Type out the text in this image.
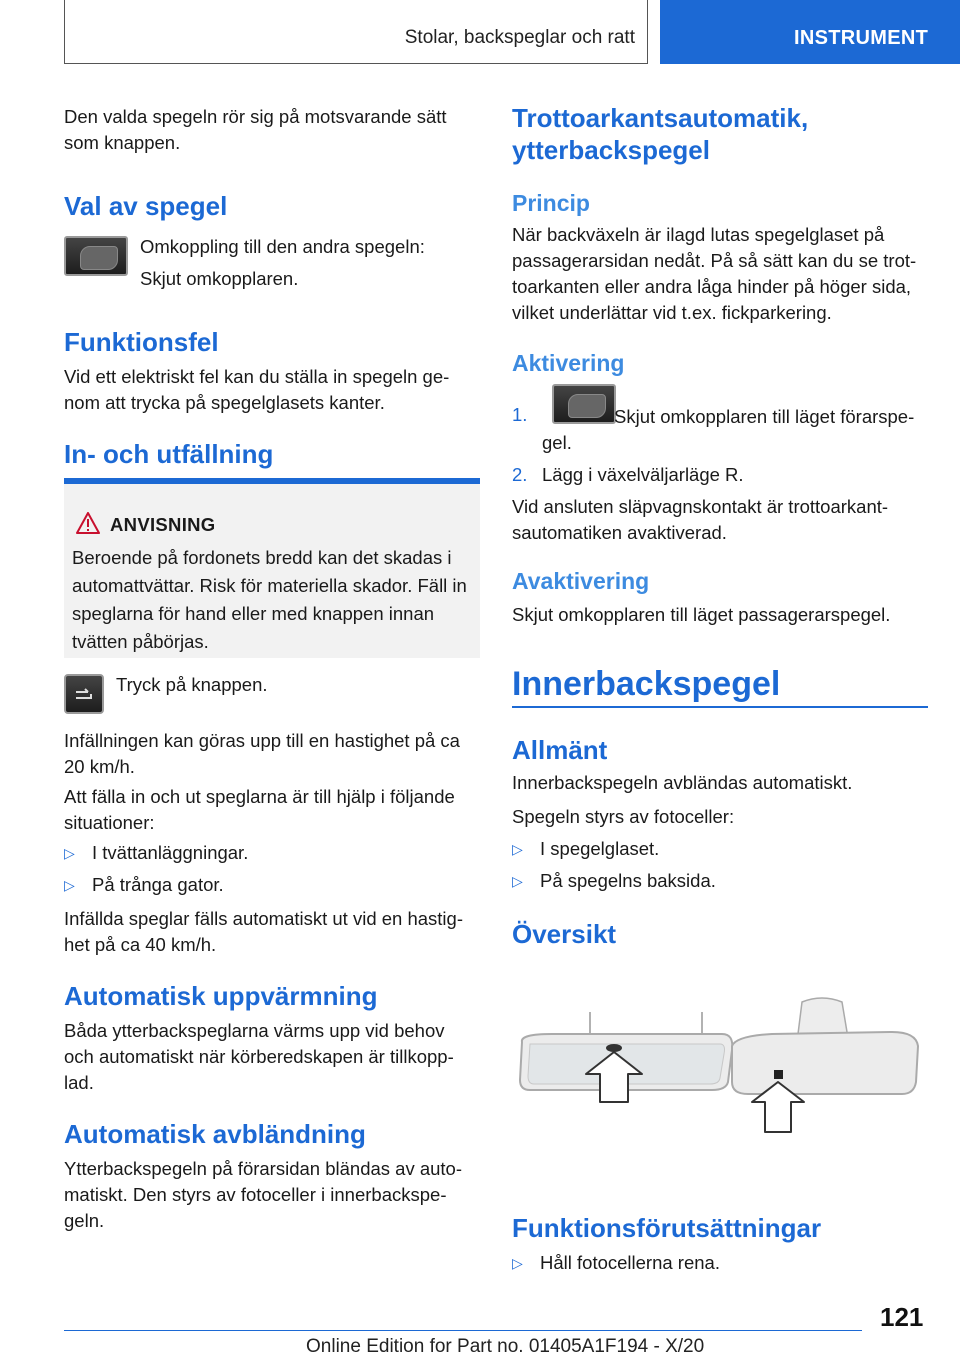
Stolar, backspeglar och ratt	INSTRUMENT

Den valda spegeln rör sig på motsvarande sätt

som knappen.

Val av spegel
Omkoppling till den andra spegeln:
Skjut omkopplaren.
Funktionsfel

Vid ett elektriskt fel kan du ställa in spegeln ge-

nom att trycka på spegelglasets kanter.

In- och utfällning
ANVISNING
Beroende på fordonets bredd kan det skadas i
automattvättar. Risk för materiella skador. Fäll in
speglarna för hand eller med knappen innan
tvätten påbörjas.
Tryck på knappen.

Infällningen kan göras upp till en hastighet på ca

20 km/h.

Att fälla in och ut speglarna är till hjälp i följande

situationer:

▷ I tvättanläggningar.
▷ På trånga gator.

Infällda speglar fälls automatiskt ut vid en hastig-

het på ca 40 km/h.

Automatisk uppvärmning

Båda ytterbackspeglarna värms upp vid behov

och automatiskt när körberedskapen är tillkopp-

lad.

Automatisk avbländning

Ytterbackspegeln på förarsidan bländas av auto-

matiskt. Den styrs av fotoceller i innerbackspe-

geln.

Trottoarkantsautomatik,
ytterbackspegel
Princip

När backväxeln är ilagd lutas spegelglaset på

passagerarsidan nedåt. På så sätt kan du se trot-

toarkanten eller andra låga hinder på höger sida,

vilket underlättar vid t.ex. fickparkering.

Aktivering
1.	Skjut omkopplaren till läget förarspe-
gel.
2. Lägg i växelväljarläge R.

Vid ansluten släpvagnskontakt är trottoarkant-

sautomatiken avaktiverad.

Avaktivering
Skjut omkopplaren till läget passagerarspegel.
Innerbackspegel
Allmänt
Innerbackspegeln avbländas automatiskt.
Spegeln styrs av fotoceller:
▷ I spegelglaset.
▷ På spegelns baksida.
Översikt
Funktionsförutsättningar
▷ Håll fotocellerna rena.
121
Online Edition for Part no. 01405A1F194 - X/20
